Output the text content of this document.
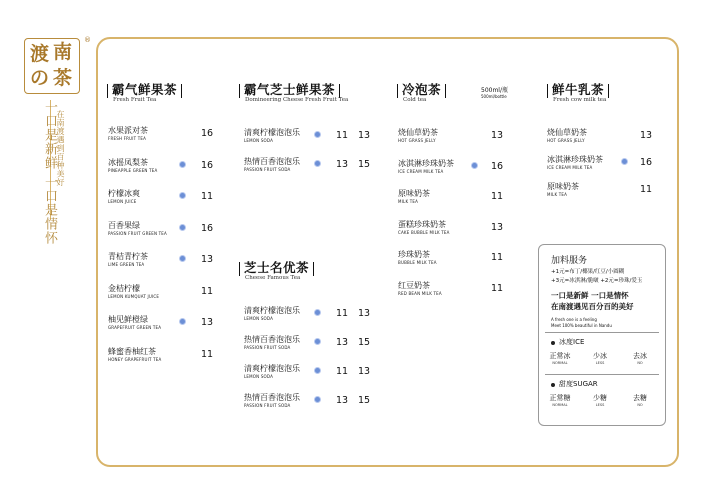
渡 南
の 茶
®
一口是新鲜 一口是情怀 在南渡遇到百种美好
霸气鲜果茶
Fresh Fruit Tea
水果派对茶
FRESH FRUIT TEA	16
冰摇凤梨茶
PINEAPPLE GREEN TEA	16
柠檬冰爽
LEMON JUICE	11
百香果绿
PASSION FRUIT GREEN TEA	16
青桔青柠茶
LIME GREEN TEA	13
金桔柠檬
LEMON KUMQUAT JUICE	11
柚见鲜橙绿
GRAPEFRUIT GREEN TEA	13
蜂蜜香柚红茶
HONEY GRAPEFRUIT TEA	11
霸气芝士鲜果茶
Domineering Cheese Fresh Fruit Tea
清爽柠檬泡泡乐
LEMON SODA	11 13
热情百香泡泡乐
PASSION FRUIT SODA	13 15
芝士名优茶
Cheese Famous Tea
清爽柠檬泡泡乐
LEMON SODA	11 13
热情百香泡泡乐
PASSION FRUIT SODA	13 15
清爽柠檬泡泡乐
LEMON SODA	11 13
热情百香泡泡乐
PASSION FRUIT SODA	13 15
冷泡茶
Cold tea
烧仙草奶茶
HOT GRASS JELLY	13
冰淇淋珍珠奶茶
ICE CREAM MILK TEA	16
原味奶茶
MILK TEA	11
蛋糕珍珠奶茶
CAKE BUBBLE MILK TEA	13
珍珠奶茶
BUBBLE MILK TEA	11
红豆奶茶
RED BEAN MILK TEA	11
500ml/瓶
500ml/bottle	鲜牛乳茶
Fresh cow milk tea
烧仙草奶茶
HOT GRASS JELLY	13
冰淇淋珍珠奶茶
ICE CREAM MILK TEA	16
原味奶茶
MILK TEA	11
加料服务
+1元=布丁/椰果/红豆/小圆糊
+3元=冰淇淋/脆啵 +2元=珍珠/爱玉
一口是新鲜 一口是情怀
在南渡遇见百分百的美好
A fresh one is a feeling
Meet 100% beautiful in Nandu
冰度ICE
正常冰
NORMAL
少冰
LESS
去冰
NO
甜度SUGAR
正常糖
NORMAL
少糖
LESS
去糖
NO
